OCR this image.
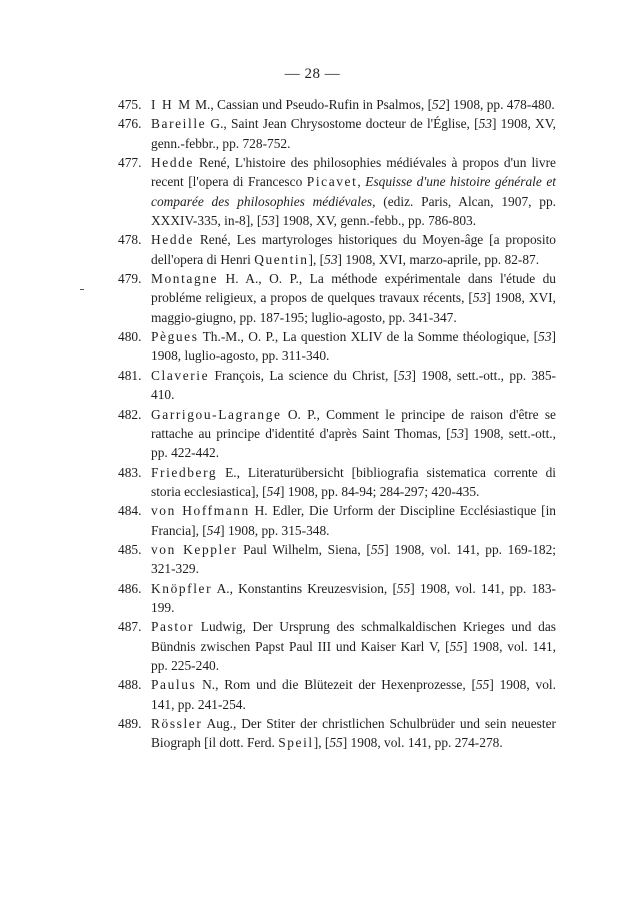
— 28 —
475. I H M M., Cassian und Pseudo-Rufin in Psalmos, [52] 1908, pp. 478-480.
476. Bareille G., Saint Jean Chrysostome docteur de l'Église, [53] 1908, XV, genn.-febbr., pp. 728-752.
477. Hedde René, L'histoire des philosophies médiévales à propos d'un livre recent [l'opera di Francesco Picavet, Esquisse d'une histoire générale et comparée des philosophies médiévales, (ediz. Paris, Alcan, 1907, pp. XXXIV-335, in-8], [53] 1908, XV, genn.-febb., pp. 786-803.
478. Hedde René, Les martyrologes historiques du Moyen-âge [a proposito dell'opera di Henri Quentin], [53] 1908, XVI, marzo-aprile, pp. 82-87.
479. Montagne H. A., O. P., La méthode expérimentale dans l'étude du probléme religieux, a propos de quelques travaux récents, [53] 1908, XVI, maggio-giugno, pp. 187-195; luglio-agosto, pp. 341-347.
480. Pègues Th.-M., O. P., La question XLIV de la Somme théologique, [53] 1908, luglio-agosto, pp. 311-340.
481. Claverie François, La science du Christ, [53] 1908, sett.-ott., pp. 385-410.
482. Garrigou-Lagrange O. P., Comment le principe de raison d'être se rattache au principe d'identité d'après Saint Thomas, [53] 1908, sett.-ott., pp. 422-442.
483. Friedberg E., Literaturübersicht [bibliografia sistematica corrente di storia ecclesiastica], [54] 1908, pp. 84-94; 284-297; 420-435.
484. von Hoffmann H. Edler, Die Urform der Discipline Ecclésiastique [in Francia], [54] 1908, pp. 315-348.
485. von Keppler Paul Wilhelm, Siena, [55] 1908, vol. 141, pp. 169-182; 321-329.
486. Knöpfler A., Konstantins Kreuzesvision, [55] 1908, vol. 141, pp. 183-199.
487. Pastor Ludwig, Der Ursprung des schmalkaldischen Krieges und das Bündnis zwischen Papst Paul III und Kaiser Karl V, [55] 1908, vol. 141, pp. 225-240.
488. Paulus N., Rom und die Blütezeit der Hexenprozesse, [55] 1908, vol. 141, pp. 241-254.
489. Rössler Aug., Der Stiter der christlichen Schulbrüder und sein neuester Biograph [il dott. Ferd. Speil], [55] 1908, vol. 141, pp. 274-278.
